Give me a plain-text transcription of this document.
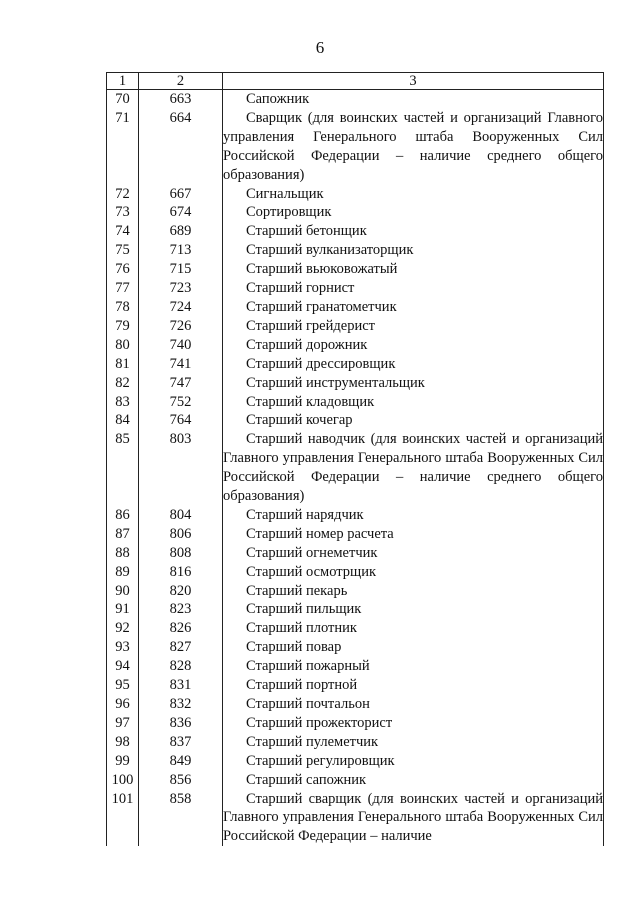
6
1	2	3
70	663	Сапожник
71	664	Сварщик (для воинских частей и организаций Главного управления Генерального штаба Вооруженных Сил Российской Федерации – наличие среднего общего образования)
72	667	Сигнальщик
73	674	Сортировщик
74	689	Старший бетонщик
75	713	Старший вулканизаторщик
76	715	Старший вьюковожатый
77	723	Старший горнист
78	724	Старший гранатометчик
79	726	Старший грейдерист
80	740	Старший дорожник
81	741	Старший дрессировщик
82	747	Старший инструментальщик
83	752	Старший кладовщик
84	764	Старший кочегар
85	803	Старший наводчик (для воинских частей и организаций Главного управления Генерального штаба Вооруженных Сил Российской Федерации – наличие среднего общего образования)
86	804	Старший нарядчик
87	806	Старший номер расчета
88	808	Старший огнеметчик
89	816	Старший осмотрщик
90	820	Старший пекарь
91	823	Старший пильщик
92	826	Старший плотник
93	827	Старший повар
94	828	Старший пожарный
95	831	Старший портной
96	832	Старший почтальон
97	836	Старший прожекторист
98	837	Старший пулеметчик
99	849	Старший регулировщик
100	856	Старший сапожник
101	858	Старший сварщик (для воинских частей и организаций Главного управления Генерального штаба Вооруженных Сил Российской Федерации – наличие
